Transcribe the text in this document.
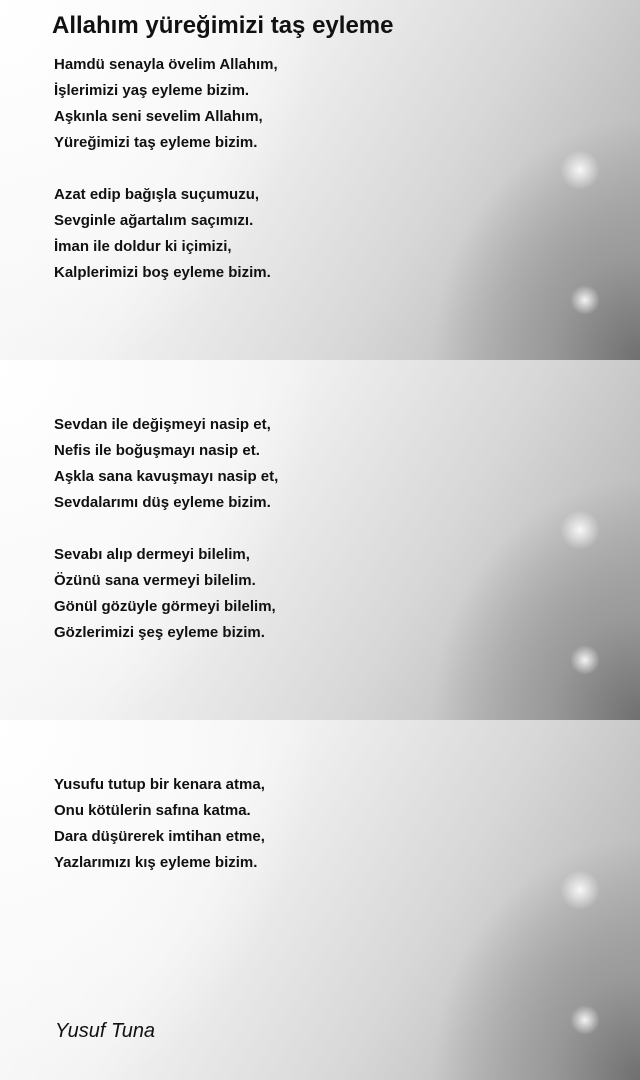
Allahım yüreğimizi taş eyleme
Hamdü senayla övelim Allahım,
İşlerimizi yaş eyleme bizim.
Aşkınla seni sevelim Allahım,
Yüreğimizi taş eyleme bizim.
Azat edip bağışla suçumuzu,
Sevginle ağartalım saçımızı.
İman ile doldur ki içimizi,
Kalplerimizi boş eyleme bizim.
Sevdan ile değişmeyi nasip et,
Nefis ile boğuşmayı nasip et.
Aşkla sana kavuşmayı nasip et,
Sevdalarımı düş eyleme bizim.
Sevabı alıp dermeyi bilelim,
Özünü sana vermeyi bilelim.
Gönül gözüyle görmeyi bilelim,
Gözlerimizi şeş eyleme bizim.
Yusufu tutup bir kenara atma,
Onu kötülerin safına katma.
Dara düşürerek imtihan etme,
Yazlarımızı kış eyleme bizim.
Yusuf Tuna
